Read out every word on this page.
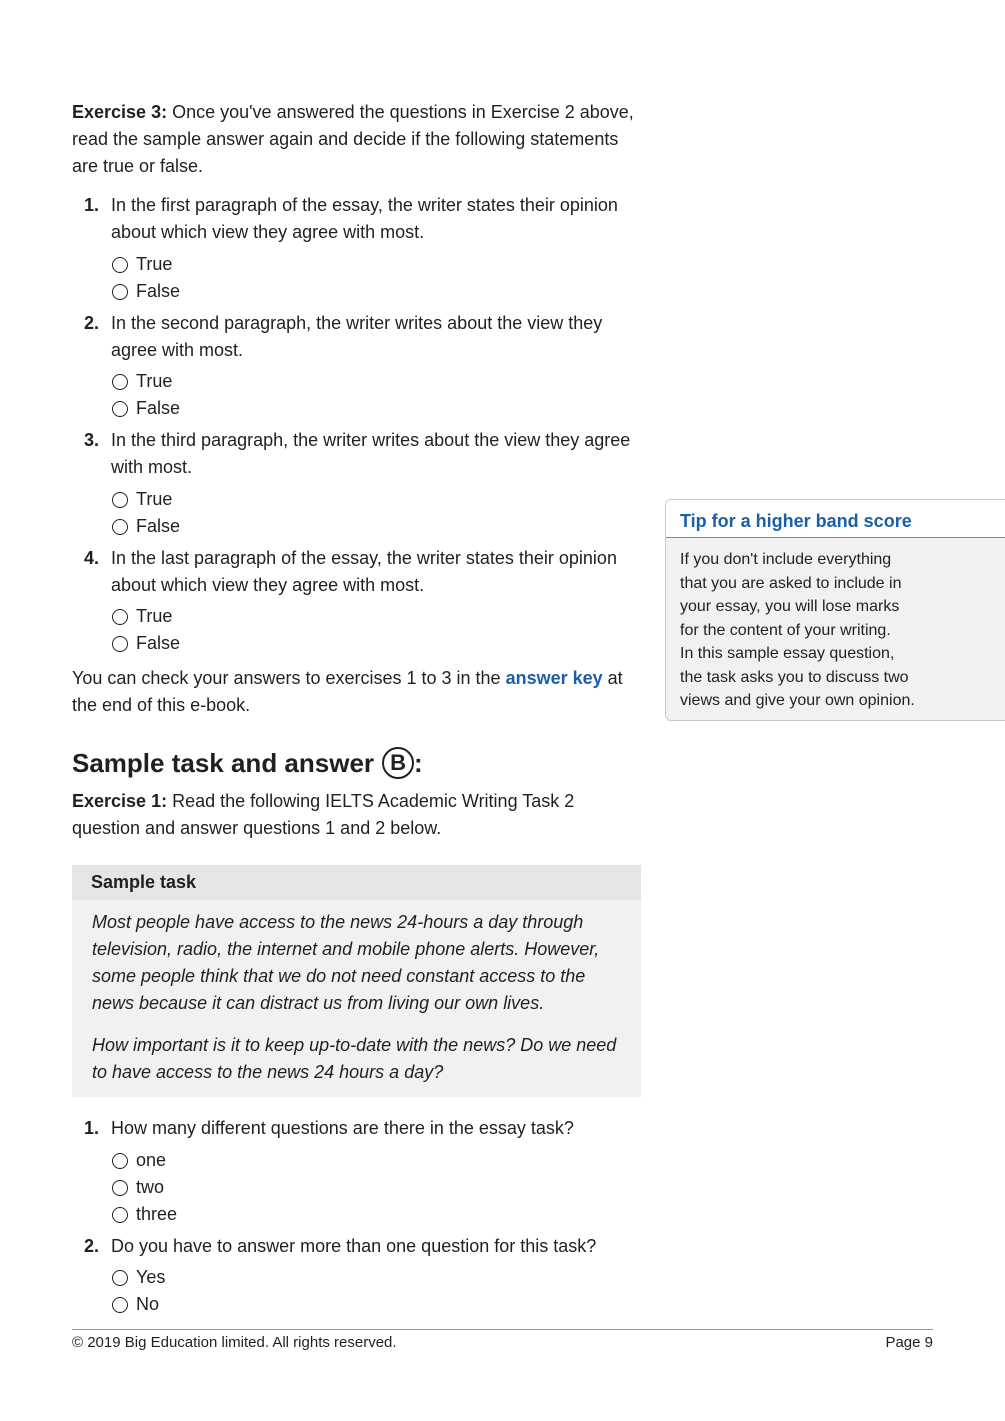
Exercise 3: Once you've answered the questions in Exercise 2 above, read the sample answer again and decide if the following statements are true or false.
1. In the first paragraph of the essay, the writer states their opinion about which view they agree with most.
True
False
2. In the second paragraph, the writer writes about the view they agree with most.
True
False
3. In the third paragraph, the writer writes about the view they agree with most.
True
False
4. In the last paragraph of the essay, the writer states their opinion about which view they agree with most.
True
False
You can check your answers to exercises 1 to 3 in the answer key at the end of this e-book.
Sample task and answer B :
Exercise 1: Read the following IELTS Academic Writing Task 2 question and answer questions 1 and 2 below.
Sample task

Most people have access to the news 24-hours a day through television, radio, the internet and mobile phone alerts. However, some people think that we do not need constant access to the news because it can distract us from living our own lives.

How important is it to keep up-to-date with the news? Do we need to have access to the news 24 hours a day?

1. How many different questions are there in the essay task?
one
two
three
2. Do you have to answer more than one question for this task?
Yes
No
Tip for a higher band score
If you don't include everything
that you are asked to include in
your essay, you will lose marks
for the content of your writing.
In this sample essay question,
the task asks you to discuss two
views and give your own opinion.
© 2019 Big Education limited. All rights reserved.	Page 9
